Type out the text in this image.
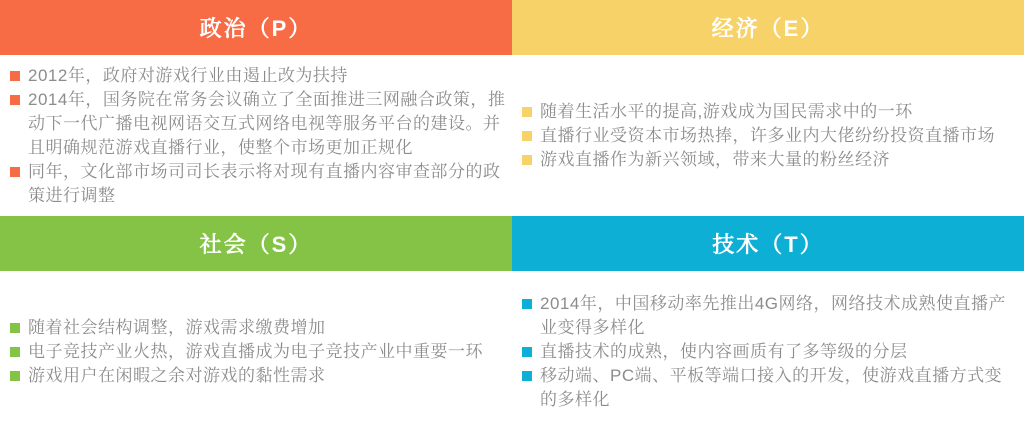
政治（P）
2012年，政府对游戏行业由遏止改为扶持
2014年，国务院在常务会议确立了全面推进三网融合政策，推动下一代广播电视网语交互式网络电视等服务平台的建设。并且明确规范游戏直播行业，使整个市场更加正规化
同年，文化部市场司司长表示将对现有直播内容审查部分的政策进行调整
经济（E）
随着生活水平的提高,游戏成为国民需求中的一环
直播行业受资本市场热捧，许多业内大佬纷纷投资直播市场
游戏直播作为新兴领域，带来大量的粉丝经济
社会（S）
随着社会结构调整，游戏需求缴费增加
电子竞技产业火热，游戏直播成为电子竞技产业中重要一环
游戏用户在闲暇之余对游戏的黏性需求
技术（T）
2014年，中国移动率先推出4G网络，网络技术成熟使直播产业变得多样化
直播技术的成熟，使内容画质有了多等级的分层
移动端、PC端、平板等端口接入的开发，使游戏直播方式变的多样化
